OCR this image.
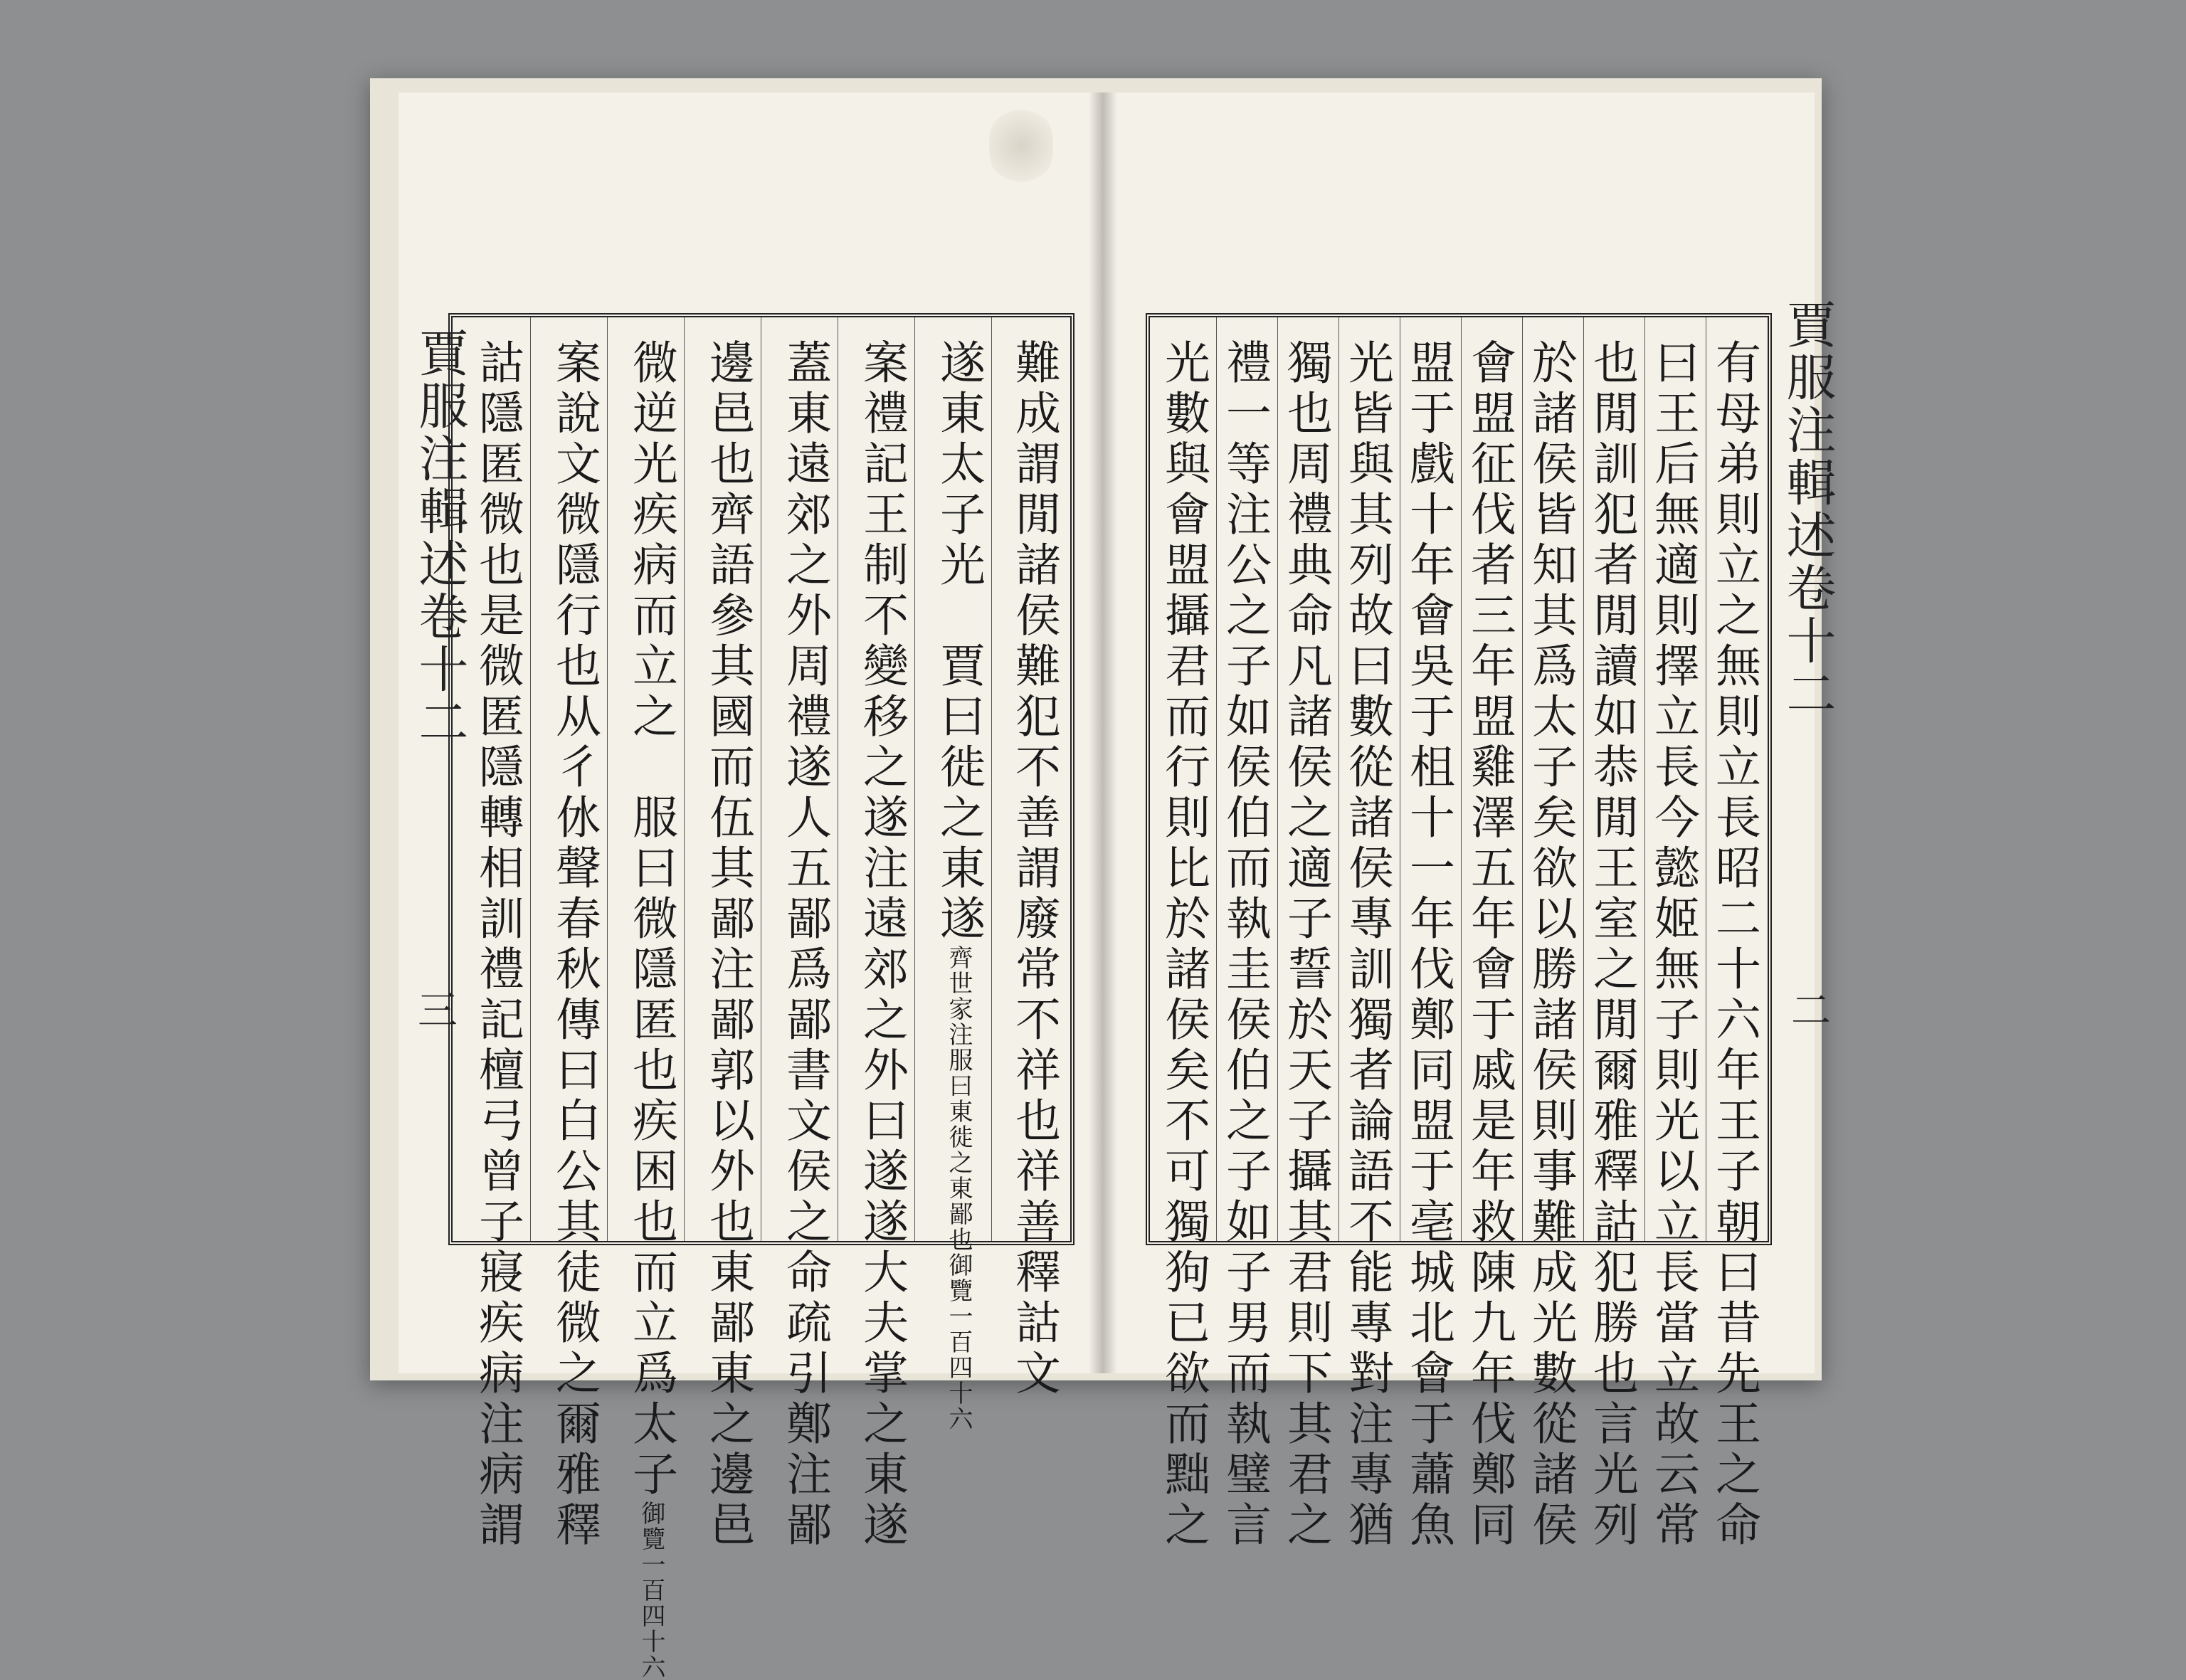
賈服注輯述卷十二
三	難成謂閒諸侯難犯不善謂廢常不祥也祥善釋詁文
遂東太子光　賈曰徙之東遂齊世家注服曰東徙之東鄙也御覽一百四十六
案禮記王制不變移之遂注遠郊之外曰遂遂大夫掌之東遂
蓋東遠郊之外周禮遂人五鄙爲鄙書文侯之命疏引鄭注鄙
邊邑也齊語參其國而伍其鄙注鄙郭以外也東鄙東之邊邑
微逆光疾病而立之　服曰微隱匿也疾困也而立爲太子御覽一百四十六
案說文微隱行也从彳㲻聲春秋傳曰白公其徒微之爾雅釋
詁隱匿微也是微匿隱轉相訓禮記檀弓曾子寢疾病注病謂	賈服注輯述卷十二
二
有母弟則立之無則立長昭二十六年王子朝曰昔先王之命
曰王后無適則擇立長今懿姬無子則光以立長當立故云常
也閒訓犯者閒讀如恭閒王室之閒爾雅釋詁犯勝也言光列
於諸侯皆知其爲太子矣欲以勝諸侯則事難成光數從諸侯
會盟征伐者三年盟雞澤五年會于戚是年救陳九年伐鄭同
盟于戲十年會吳于柤十一年伐鄭同盟于亳城北會于蕭魚
光皆與其列故曰數從諸侯專訓獨者論語不能專對注專猶
獨也周禮典命凡諸侯之適子誓於天子攝其君則下其君之
禮一等注公之子如侯伯而執圭侯伯之子如子男而執璧言
光數與會盟攝君而行則比於諸侯矣不可獨狗已欲而黜之
